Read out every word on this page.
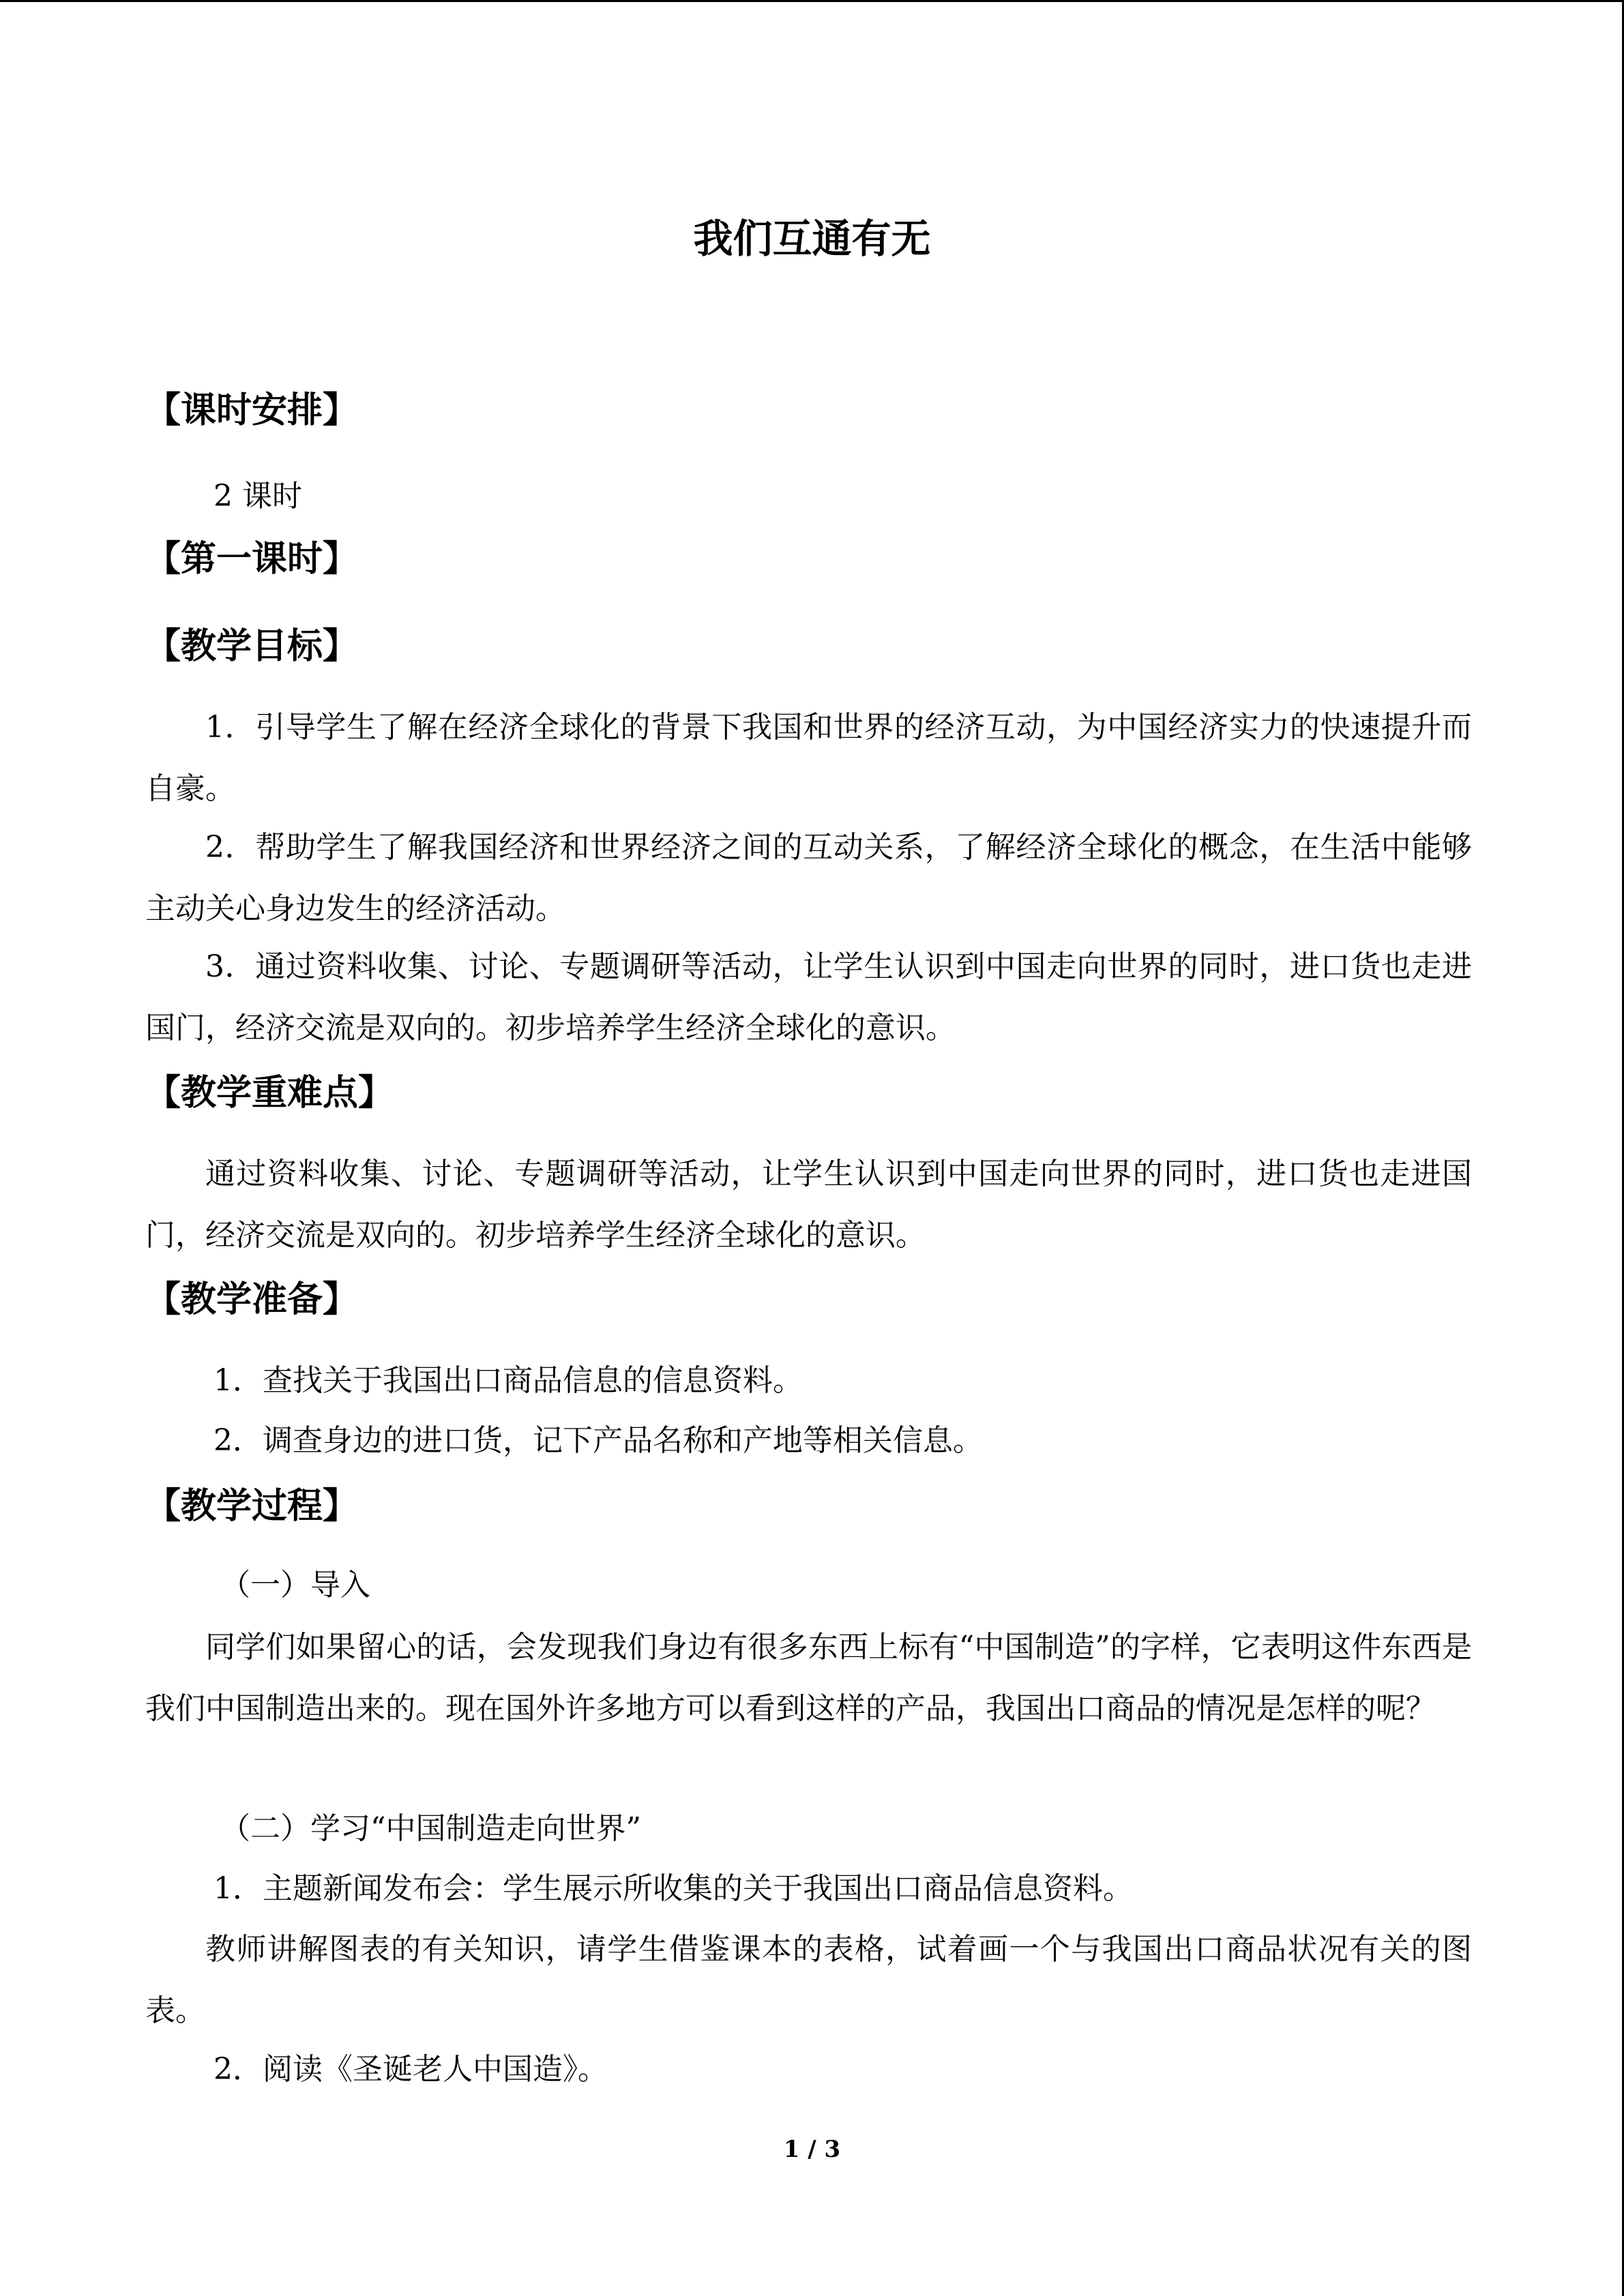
我们互通有无
【课时安排】
2 课时
【第一课时】
【教学目标】
1．引导学生了解在经济全球化的背景下我国和世界的经济互动，为中国经济实力的快速提升而自豪。
2．帮助学生了解我国经济和世界经济之间的互动关系，了解经济全球化的概念，在生活中能够主动关心身边发生的经济活动。
3．通过资料收集、讨论、专题调研等活动，让学生认识到中国走向世界的同时，进口货也走进国门，经济交流是双向的。初步培养学生经济全球化的意识。
【教学重难点】
通过资料收集、讨论、专题调研等活动，让学生认识到中国走向世界的同时，进口货也走进国门，经济交流是双向的。初步培养学生经济全球化的意识。
【教学准备】
1．查找关于我国出口商品信息的信息资料。
2．调查身边的进口货，记下产品名称和产地等相关信息。
【教学过程】
（一）导入
同学们如果留心的话，会发现我们身边有很多东西上标有“中国制造”的字样，它表明这件东西是我们中国制造出来的。现在国外许多地方可以看到这样的产品，我国出口商品的情况是怎样的呢？
（二）学习“中国制造走向世界”
1．主题新闻发布会：学生展示所收集的关于我国出口商品信息资料。
教师讲解图表的有关知识，请学生借鉴课本的表格，试着画一个与我国出口商品状况有关的图表。
2．阅读《圣诞老人中国造》。
1 / 3
